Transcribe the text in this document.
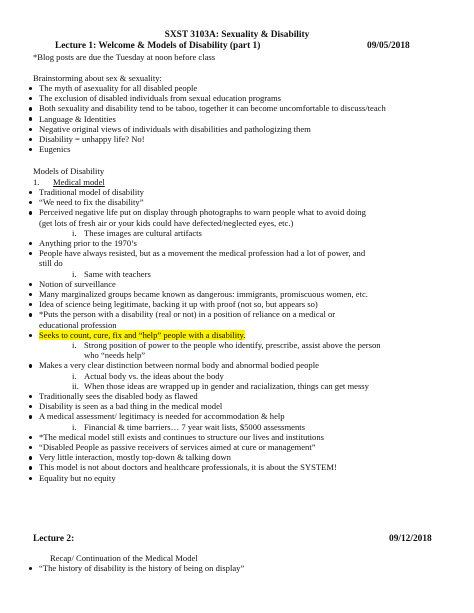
SXST 3103A: Sexuality & Disability
Lecture 1: Welcome & Models of Disability (part 1)	09/05/2018
*Blog posts are due the Tuesday at noon before class
Brainstorming about sex & sexuality:
The myth of asexuality for all disabled people
The exclusion of disabled individuals from sexual education programs
Both sexuality and disability tend to be taboo, together it can become uncomfortable to discuss/teach
Language & Identities
Negative original views of individuals with disabilities and pathologizing them
Disability = unhappy life? No!
Eugenics
Models of Disability
1. Medical model
Traditional model of disability
“We need to fix the disability”
Perceived negative life put on display through photographs to warn people what to avoid doing
(get lots of fresh air or your kids could have defected/neglected eyes, etc.)
i. These images are cultural artifacts
Anything prior to the 1970’s
People have always resisted, but as a movement the medical profession had a lot of power, and
still do
i. Same with teachers
Notion of surveillance
Many marginalized groups became known as dangerous: immigrants, promiscuous women, etc.
Idea of science being legitimate, backing it up with proof (not so, but appears so)
*Puts the person with a disability (real or not) in a position of reliance on a medical or
educational profession
Seeks to count, cure, fix and “help” people with a disability.
i. Strong position of power to the people who identify, prescribe, assist above the person
who “needs help”
Makes a very clear distinction between normal body and abnormal bodied people
i. Actual body vs. the ideas about the body
ii. When those ideas are wrapped up in gender and racialization, things can get messy
Traditionally sees the disabled body as flawed
Disability is seen as a bad thing in the medical model
A medical assessment/ legitimacy is needed for accommodation & help
i. Financial & time barriers… 7 year wait lists, $5000 assessments
*The medical model still exists and continues to structure our lives and institutions
“Disabled People as passive receivers of services aimed at cure or management”
Very little interaction, mostly top-down & talking down
This model is not about doctors and healthcare professionals, it is about the SYSTEM!
Equality but no equity
Lecture 2:	09/12/2018
Recap/ Continuation of the Medical Model
“The history of disability is the history of being on display”
